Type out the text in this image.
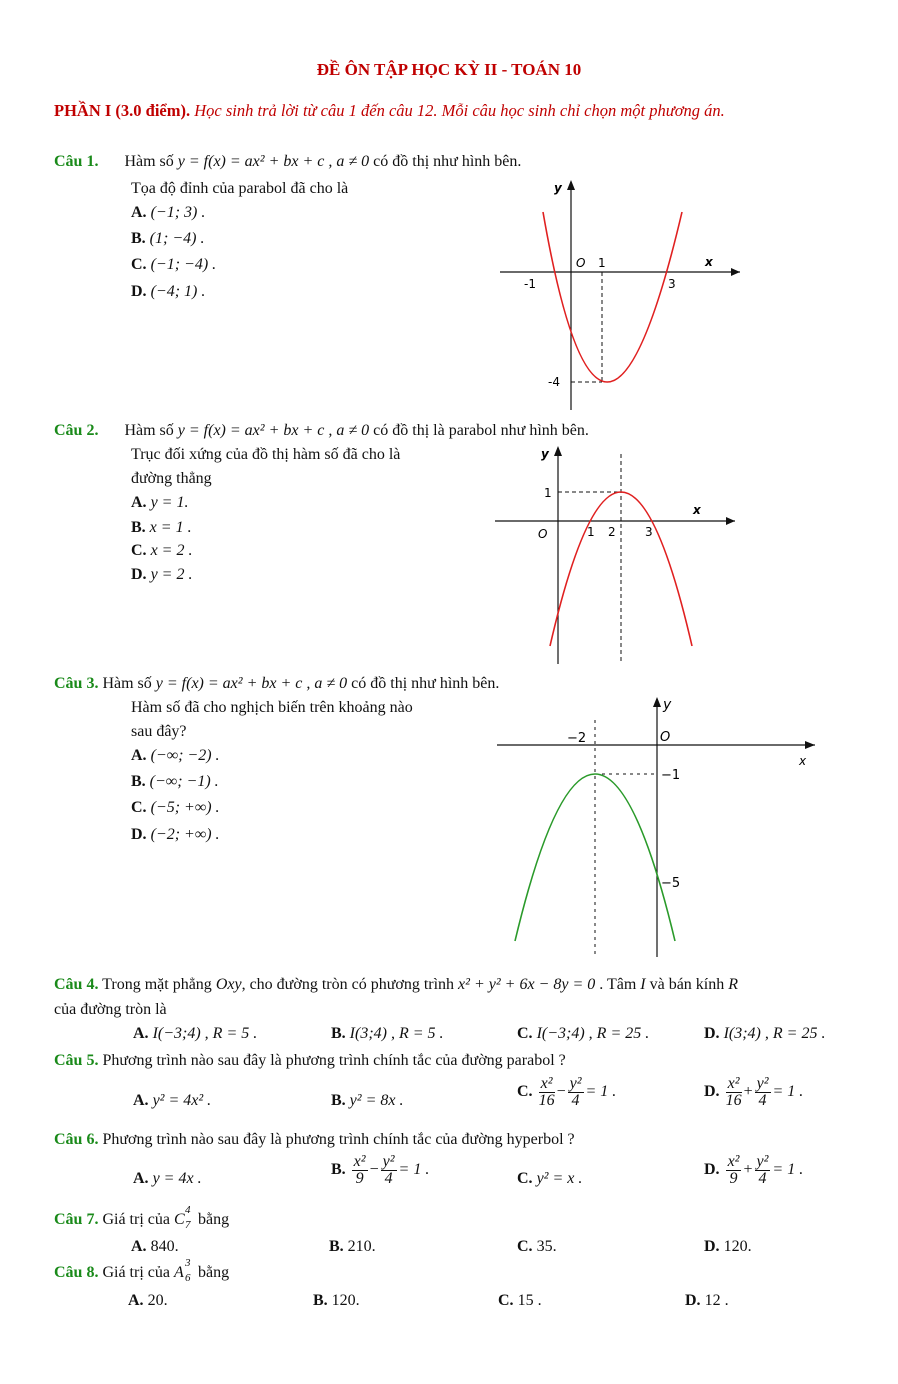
ĐỀ ÔN TẬP HỌC KỲ II - TOÁN 10
PHẦN I (3.0 điểm). Học sinh trả lời từ câu 1 đến câu 12. Mỗi câu học sinh chỉ chọn một phương án.
Câu 1. Hàm số y = f(x) = ax² + bx + c , a ≠ 0 có đồ thị như hình bên.
Tọa độ đỉnh của parabol đã cho là
A. (−1; 3) .
B. (1; −4) .
C. (−1; −4) .
D. (−4; 1) .
y
x
O 1
-1	3
-4
Câu 2. Hàm số y = f(x) = ax² + bx + c , a ≠ 0 có đồ thị là parabol như hình bên.
Trục đối xứng của đồ thị hàm số đã cho là
đường thẳng
A. y = 1.
B. x = 1 .
C. x = 2 .
D. y = 2 .
y
x
O	1 2 3
1
Câu 3. Hàm số y = f(x) = ax² + bx + c , a ≠ 0 có đồ thị như hình bên.
Hàm số đã cho nghịch biến trên khoảng nào
sau đây?
A. (−∞; −2) .
B. (−∞; −1) .
C. (−5; +∞) .
D. (−2; +∞) .
y
x
O
−2
−1
−5
Câu 4. Trong mặt phẳng Oxy, cho đường tròn có phương trình x² + y² + 6x − 8y = 0 . Tâm I và bán kính R
của đường tròn là
A. I(−3;4) , R = 5 .	B. I(3;4) , R = 5 .	C. I(−3;4) , R = 25 .	D. I(3;4) , R = 25 .
Câu 5. Phương trình nào sau đây là phương trình chính tắc của đường parabol ?
A. y² = 4x² .	B. y² = 8x .
C. $\frac{\text{x²}}{16} - \frac{\text{y²}}{4} = 1$ .	D. $\frac{\text{x²}}{16} + \frac{\text{y²}}{4} = 1$ .
Câu 6. Phương trình nào sau đây là phương trình chính tắc của đường hyperbol ?
A. y = 4x .
B. $\frac{\text{x²}}{9} - \frac{\text{y²}}{4} = 1$ .
C. y² = x .
D. $\frac{\text{x²}}{9} + \frac{\text{y²}}{4} = 1$ .
Câu 7. Giá trị của C
4
7 bằng
A. 840.	B. 210.	C. 35.	D. 120.
Câu 8. Giá trị của A
3
6 bằng
A. 20.	B. 120.	C. 15 .	D. 12 .
